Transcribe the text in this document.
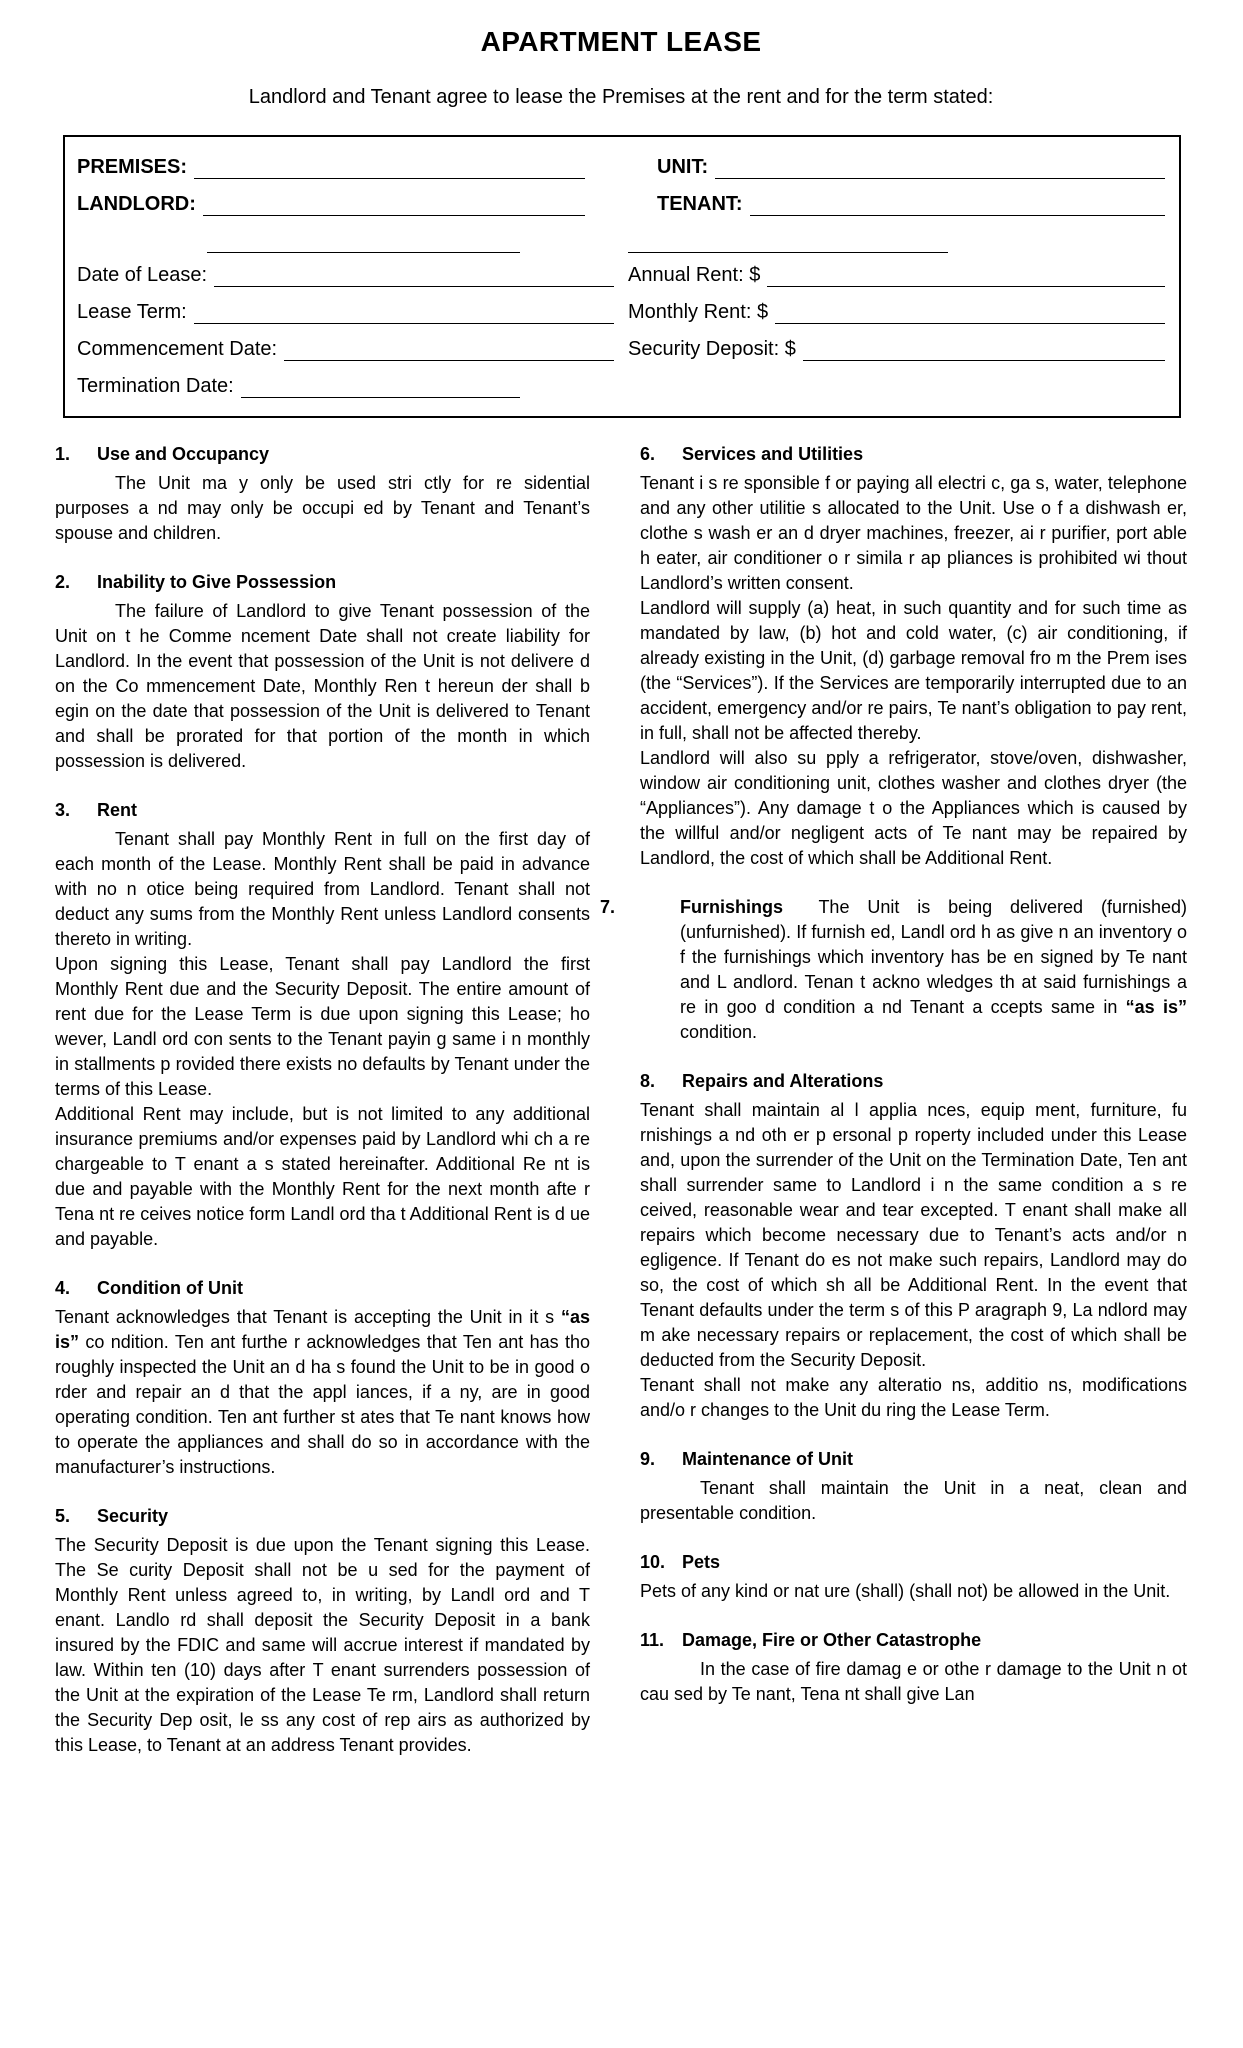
APARTMENT LEASE

Landlord and Tenant agree to lease the Premises at the rent and for the term stated:

PREMISES:	UNIT:
LANDLORD:	TENANT:
Date of Lease:	Annual Rent: $
Lease Term:	Monthly Rent: $
Commencement Date:	Security Deposit: $
Termination Date:

1. Use and Occupancy

The Unit ma y only be used stri ctly for re sidential purposes a nd may only be occupi ed by Tenant and Tenant’s spouse and children.

2. Inability to Give Possession

The failure of Landlord to give Tenant possession of the Unit on t he Comme ncement Date shall not create liability for Landlord. In the event that possession of the Unit is not delivere d on the Co mmencement Date, Monthly Ren t hereun der shall b egin on the date that possession of the Unit is delivered to Tenant and shall be prorated for that portion of the month in which possession is delivered.

3. Rent

Tenant shall pay Monthly Rent in full on the first day of each month of the Lease. Monthly Rent shall be paid in advance with no n otice being required from Landlord. Tenant shall not deduct any sums from the Monthly Rent unless Landlord consents thereto in writing.

Upon signing this Lease, Tenant shall pay Landlord the first Monthly Rent due and the Security Deposit. The entire amount of rent due for the Lease Term is due upon signing this Lease; ho wever, Landl ord con sents to the Tenant payin g same i n monthly in stallments p rovided there exists no defaults by Tenant under the terms of this Lease.

Additional Rent may include, but is not limited to any additional insurance premiums and/or expenses paid by Landlord whi ch a re chargeable to T enant a s stated hereinafter. Additional Re nt is due and payable with the Monthly Rent for the next month afte r Tena nt re ceives notice form Landl ord tha t Additional Rent is d ue and payable.

4. Condition of Unit

Tenant acknowledges that Tenant is accepting the Unit in it s “as is” co ndition. Ten ant furthe r acknowledges that Ten ant has tho roughly inspected the Unit an d ha s found the Unit to be in good o rder and repair an d that the appl iances, if a ny, are in good operating condition. Ten ant further st ates that Te nant knows how to operate the appliances and shall do so in accordance with the manufacturer’s instructions.

5. Security

The Security Deposit is due upon the Tenant signing this Lease. The Se curity Deposit shall not be u sed for the payment of Monthly Rent unless agreed to, in writing, by Landl ord and T enant. Landlo rd shall deposit the Security Deposit in a bank insured by the FDIC and same will accrue interest if mandated by law. Within ten (10) days after T enant surrenders possession of the Unit at the expiration of the Lease Te rm, Landlord shall return the Security Dep osit, le ss any cost of rep airs as authorized by this Lease, to Tenant at an address Tenant provides.

6. Services and Utilities

Tenant i s re sponsible f or paying all electri c, ga s, water, telephone and any other utilitie s allocated to the Unit. Use o f a dishwash er, clothe s wash er an d dryer machines, freezer, ai r purifier, port able h eater, air conditioner o r simila r ap pliances is prohibited wi thout Landlord’s written consent.

Landlord will supply (a) heat, in such quantity and for such time as mandated by law, (b) hot and cold water, (c) air conditioning, if already existing in the Unit, (d) garbage removal fro m the Prem ises (the “Services”). If the Services are temporarily interrupted due to an accident, emergency and/or re pairs, Te nant’s obligation to pay rent, in full, shall not be affected thereby.

Landlord will also su pply a refrigerator, stove/oven, dishwasher, window air conditioning unit, clothes washer and clothes dryer (the “Appliances”). Any damage t o the Appliances which is caused by the willful and/or negligent acts of Te nant may be repaired by Landlord, the cost of which shall be Additional Rent.

7.	Furnishings The Unit is being delivered (furnished) (unfurnished). If furnish ed, Landl ord h as give n an inventory o f the furnishings which inventory has be en signed by Te nant and L andlord. Tenan t ackno wledges th at said furnishings a re in goo d condition a nd Tenant a ccepts same in “as is” condition.

8. Repairs and Alterations

Tenant shall maintain al l applia nces, equip ment, furniture, fu rnishings a nd oth er p ersonal p roperty included under this Lease and, upon the surrender of the Unit on the Termination Date, Ten ant shall surrender same to Landlord i n the same condition a s re ceived, reasonable wear and tear excepted. T enant shall make all repairs which become necessary due to Tenant’s acts and/or n egligence. If Tenant do es not make such repairs, Landlord may do so, the cost of which sh all be Additional Rent. In the event that Tenant defaults under the term s of this P aragraph 9, La ndlord may m ake necessary repairs or replacement, the cost of which shall be deducted from the Security Deposit.

Tenant shall not make any alteratio ns, additio ns, modifications and/o r changes to the Unit du ring the Lease Term.

9. Maintenance of Unit

Tenant shall maintain the Unit in a neat, clean and presentable condition.

10. Pets

Pets of any kind or nat ure (shall) (shall not) be allowed in the Unit.

11. Damage, Fire or Other Catastrophe

In the case of fire damag e or othe r damage to the Unit n ot cau sed by Te nant, Tena nt shall give Lan
